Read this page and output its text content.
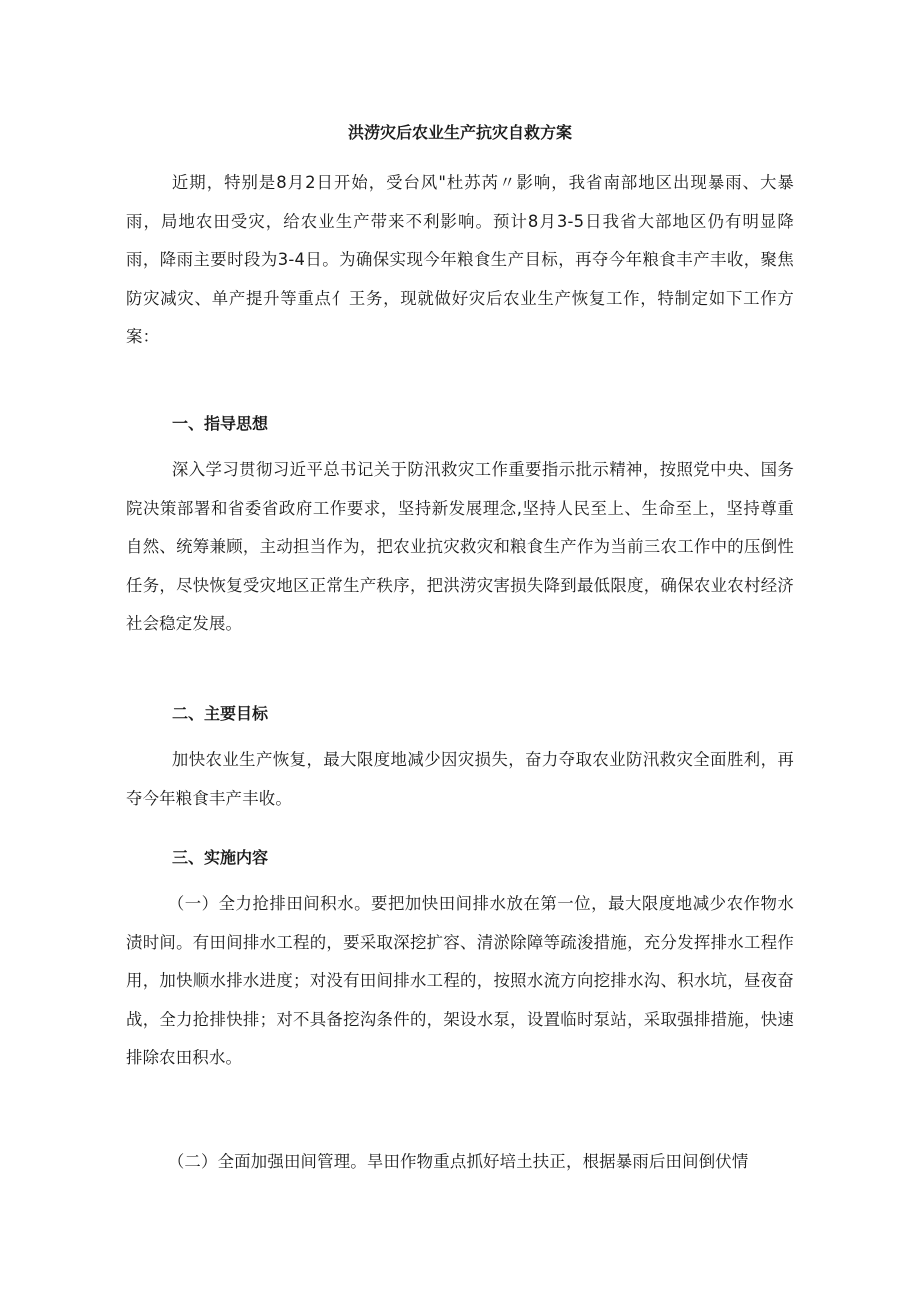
洪涝灾后农业生产抗灾自救方案

近期，特别是8月2日开始，受台风"杜苏芮〃影响，我省南部地区出现暴雨、大暴雨，局地农田受灾，给农业生产带来不利影响。预计8月3-5日我省大部地区仍有明显降雨，降雨主要时段为3-4日。为确保实现今年粮食生产目标，再夺今年粮食丰产丰收，聚焦防灾减灾、单产提升等重点亻王务，现就做好灾后农业生产恢复工作，特制定如下工作方案：

一、指导思想

深入学习贯彻习近平总书记关于防汛救灾工作重要指示批示精神，按照党中央、国务院决策部署和省委省政府工作要求，坚持新发展理念,坚持人民至上、生命至上，坚持尊重自然、统筹兼顾，主动担当作为，把农业抗灾救灾和粮食生产作为当前三农工作中的压倒性任务，尽快恢复受灾地区正常生产秩序，把洪涝灾害损失降到最低限度，确保农业农村经济社会稳定发展。

二、主要目标

加快农业生产恢复，最大限度地减少因灾损失，奋力夺取农业防汛救灾全面胜利，再夺今年粮食丰产丰收。

三、实施内容

（一）全力抢排田间积水。要把加快田间排水放在第一位，最大限度地减少农作物水渍时间。有田间排水工程的，要采取深挖扩容、清淤除障等疏浚措施，充分发挥排水工程作用，加快顺水排水进度；对没有田间排水工程的，按照水流方向挖排水沟、积水坑，昼夜奋战，全力抢排快排；对不具备挖沟条件的，架设水泵，设置临时泵站，采取强排措施，快速排除农田积水。

（二）全面加强田间管理。旱田作物重点抓好培土扶正，根据暴雨后田间倒伏情
